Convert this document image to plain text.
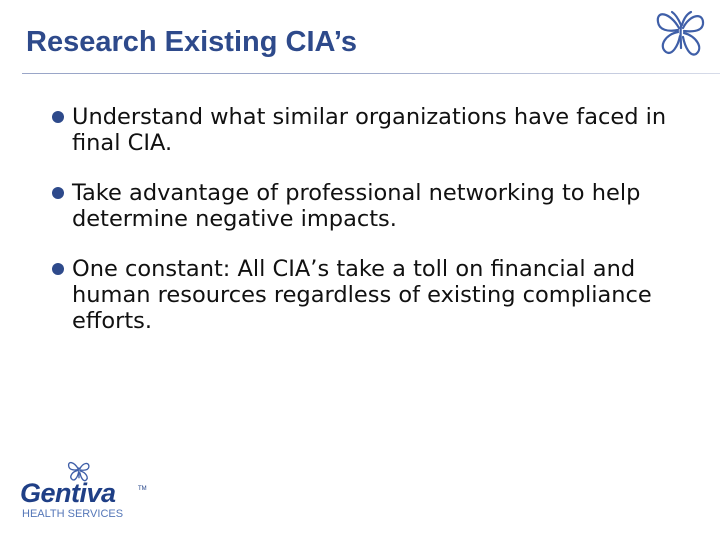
Research Existing CIA’s
Understand what similar organizations have faced in final CIA.
Take advantage of professional networking to help determine negative impacts.
One constant: All CIA’s take a toll on financial and human resources regardless of existing compliance efforts.
Gentiva	TM
HEALTH SERVICES
